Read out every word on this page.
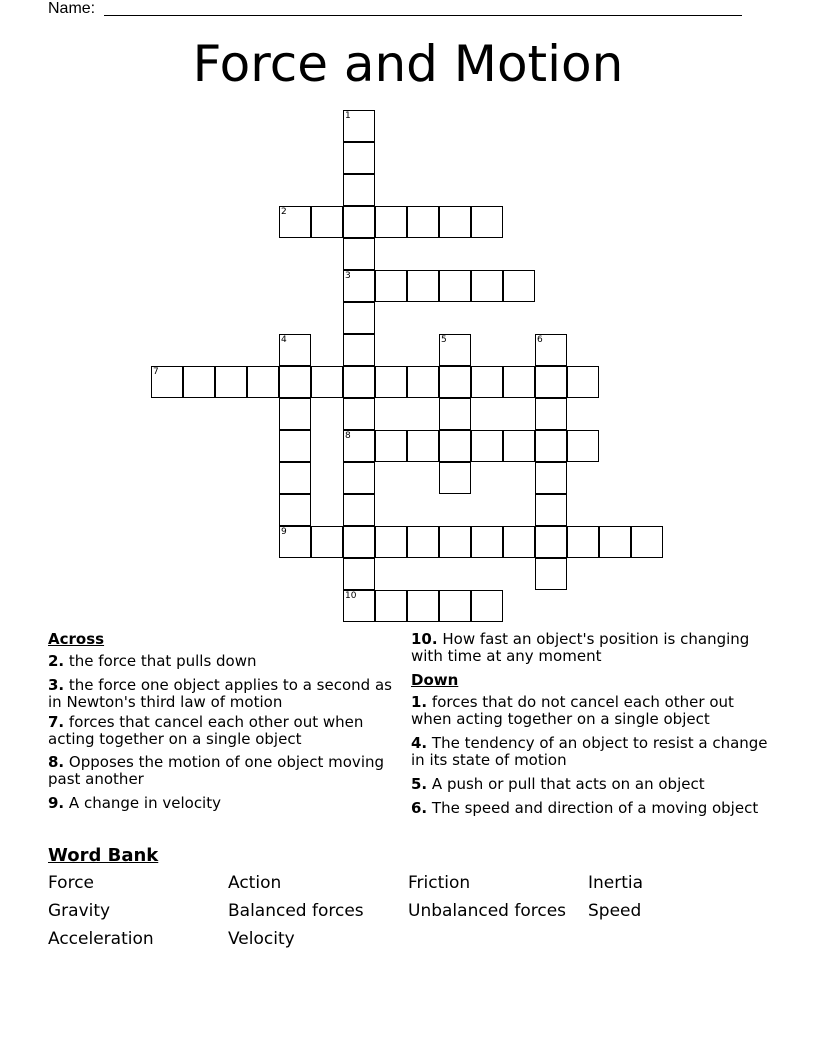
Name:
Force and Motion
1
3
8
10
2
4
9
5	6
7

Across

2. the force that pulls down

3. the force one object applies to a second as in Newton's third law of motion

7. forces that cancel each other out when acting together on a single object

8. Opposes the motion of one object moving past another

9. A change in velocity

10. How fast an object's position is changing with time at any moment

Down

1. forces that do not cancel each other out when acting together on a single object

4. The tendency of an object to resist a change in its state of motion

5. A push or pull that acts on an object

6. The speed and direction of a moving object

Word Bank
Force	Action	Friction	Inertia
Gravity	Balanced forces	Unbalanced forces	Speed
Acceleration	Velocity
